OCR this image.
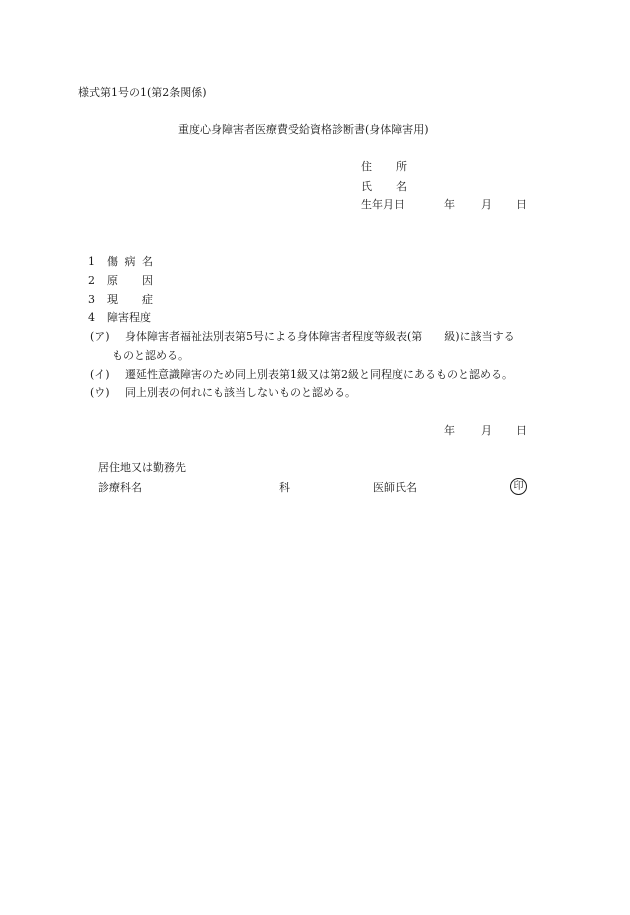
様式第1号の1(第2条関係)
重度心身障害者医療費受給資格診断書(身体障害用)
住 所
氏 名
生年月日	年 月 日
1 傷 病 名
2 原 因
3 現 症
4 障害程度
(ア) 身体障害者福祉法別表第5号による身体障害者程度等級表(第　　級)に該当する
ものと認める。
(イ) 遷延性意識障害のため同上別表第1級又は第2級と同程度にあるものと認める。
(ウ) 同上別表の何れにも該当しないものと認める。
年 月 日
居住地又は勤務先
診療科名	科	医師氏名	印
